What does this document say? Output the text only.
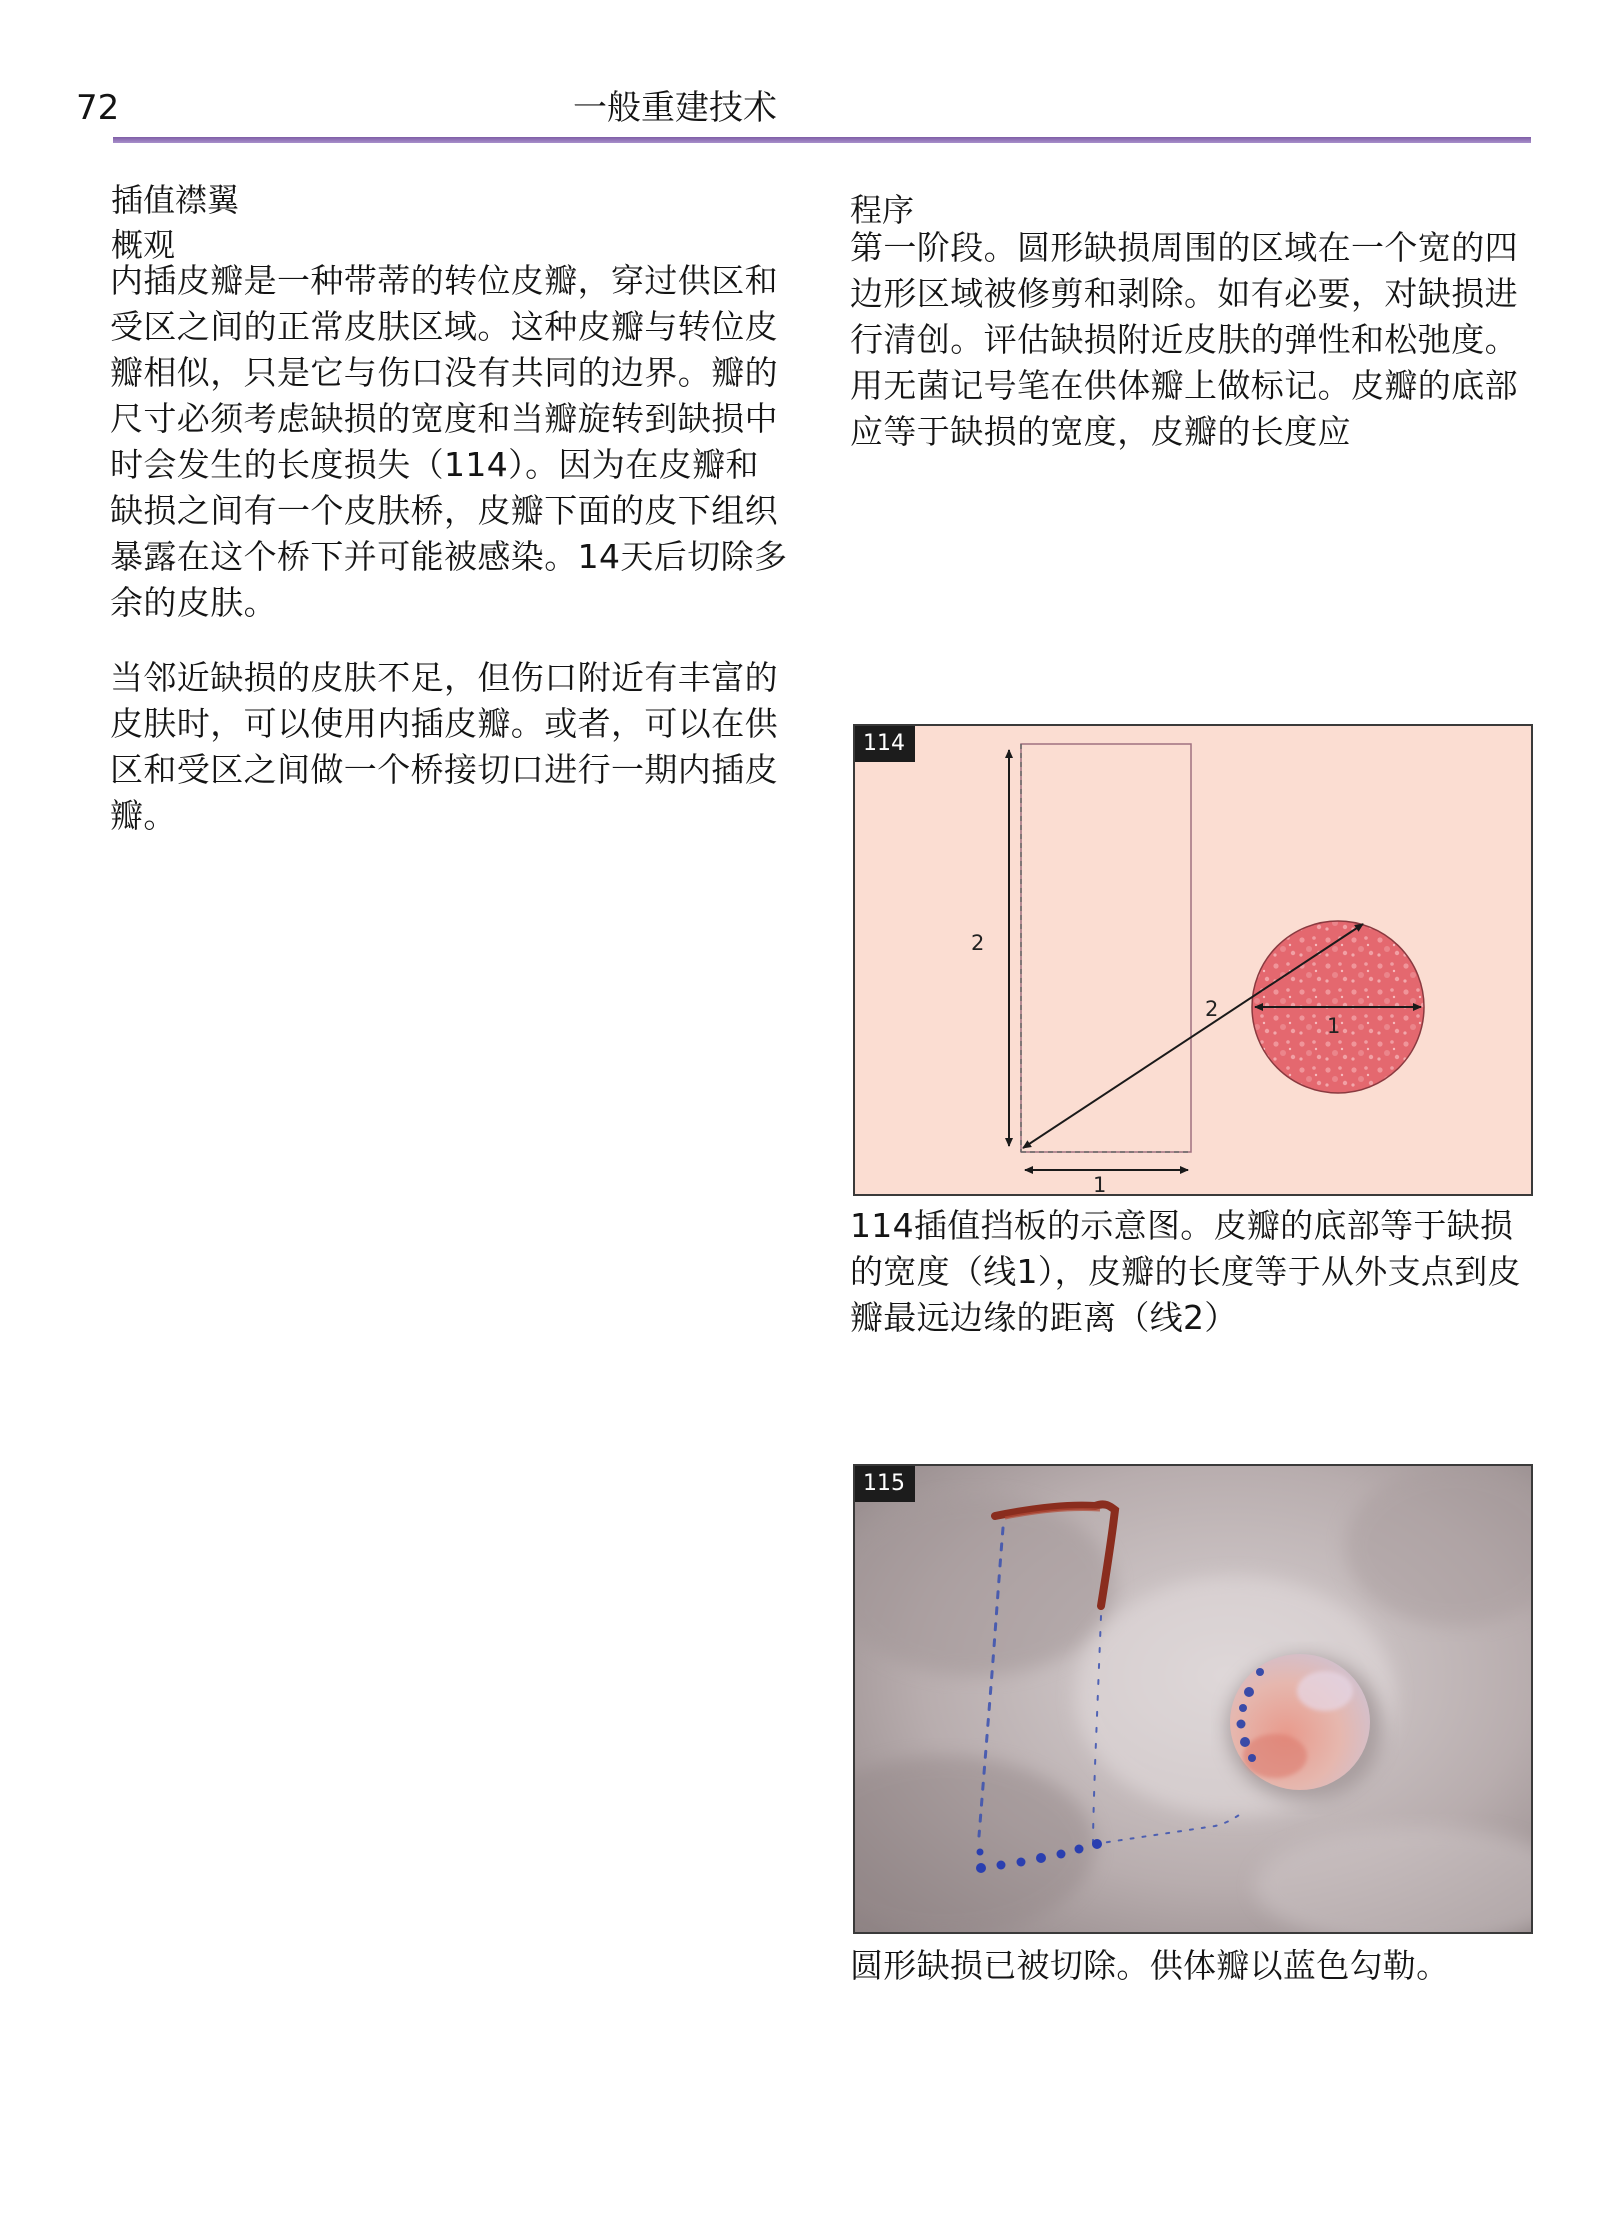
72	一般重建技术
插值襟翼
概观
内插皮瓣是一种带蒂的转位皮瓣，穿过供区和受区之间的正常皮肤区域。这种皮瓣与转位皮瓣相似，只是它与伤口没有共同的边界。瓣的尺寸必须考虑缺损的宽度和当瓣旋转到缺损中时会发生的长度损失（114）。因为在皮瓣和缺损之间有一个皮肤桥，皮瓣下面的皮下组织暴露在这个桥下并可能被感染。14天后切除多余的皮肤。
当邻近缺损的皮肤不足，但伤口附近有丰富的皮肤时，可以使用内插皮瓣。或者，可以在供区和受区之间做一个桥接切口进行一期内插皮瓣。
程序
第一阶段。圆形缺损周围的区域在一个宽的四边形区域被修剪和剥除。如有必要，对缺损进行清创。评估缺损附近皮肤的弹性和松弛度。用无菌记号笔在供体瓣上做标记。皮瓣的底部应等于缺损的宽度，皮瓣的长度应
114
2
2
1
1
114插值挡板的示意图。皮瓣的底部等于缺损的宽度（线1），皮瓣的长度等于从外支点到皮瓣最远边缘的距离（线2）
115
圆形缺损已被切除。供体瓣以蓝色勾勒。
